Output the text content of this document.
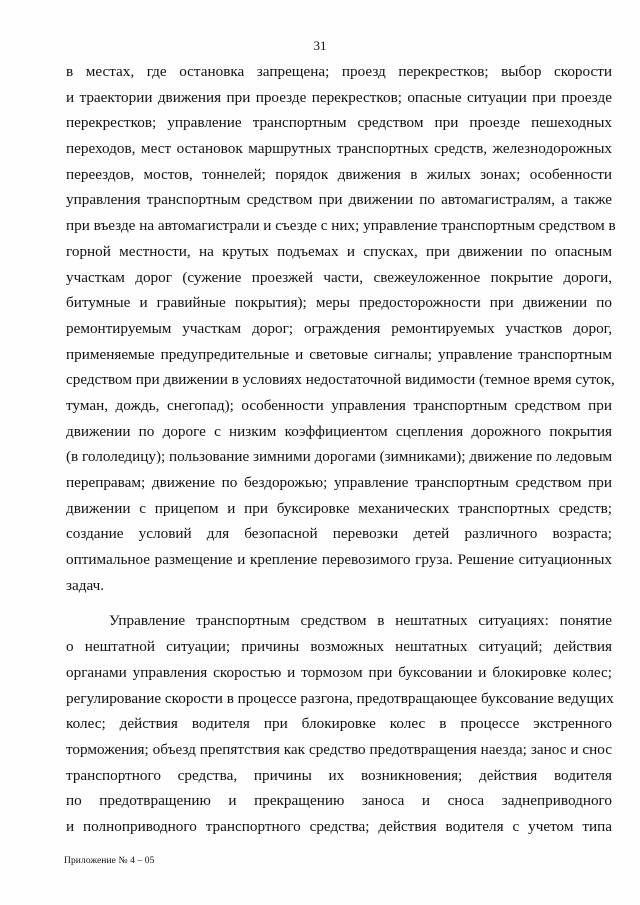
31
в местах, где остановка запрещена; проезд перекрестков; выбор скорости
и траектории движения при проезде перекрестков; опасные ситуации при проезде
перекрестков; управление транспортным средством при проезде пешеходных
переходов, мест остановок маршрутных транспортных средств, железнодорожных
переездов, мостов, тоннелей; порядок движения в жилых зонах; особенности
управления транспортным средством при движении по автомагистралям, а также
при въезде на автомагистрали и съезде с них; управление транспортным средством в
горной местности, на крутых подъемах и спусках, при движении по опасным
участкам дорог (сужение проезжей части, свежеуложенное покрытие дороги,
битумные и гравийные покрытия); меры предосторожности при движении по
ремонтируемым участкам дорог; ограждения ремонтируемых участков дорог,
применяемые предупредительные и световые сигналы; управление транспортным
средством при движении в условиях недостаточной видимости (темное время суток,
туман, дождь, снегопад); особенности управления транспортным средством при
движении по дороге с низким коэффициентом сцепления дорожного покрытия
(в гололедицу); пользование зимними дорогами (зимниками); движение по ледовым
переправам; движение по бездорожью; управление транспортным средством при
движении с прицепом и при буксировке механических транспортных средств;
создание условий для безопасной перевозки детей различного возраста;
оптимальное размещение и крепление перевозимого груза. Решение ситуационных
задач.
Управление транспортным средством в нештатных ситуациях: понятие
о нештатной ситуации; причины возможных нештатных ситуаций; действия
органами управления скоростью и тормозом при буксовании и блокировке колес;
регулирование скорости в процессе разгона, предотвращающее буксование ведущих
колес; действия водителя при блокировке колес в процессе экстренного
торможения; объезд препятствия как средство предотвращения наезда; занос и снос
транспортного средства, причины их возникновения; действия водителя
по предотвращению и прекращению заноса и сноса заднеприводного
и полноприводного транспортного средства; действия водителя с учетом типа
Приложение № 4 – 05
